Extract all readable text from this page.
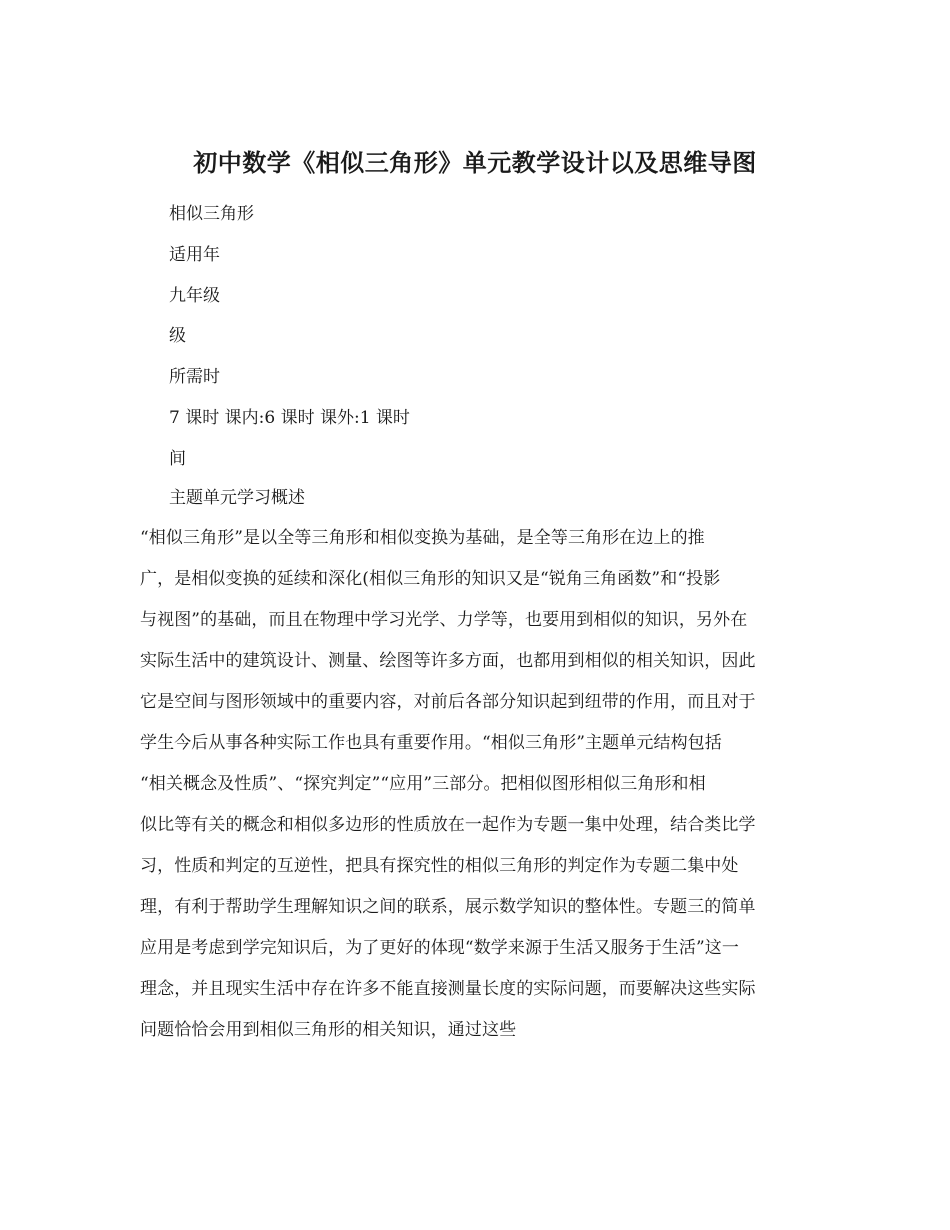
初中数学《相似三角形》单元教学设计以及思维导图
相似三角形
适用年
九年级
级
所需时
7 课时 课内:6 课时 课外:1 课时
间
主题单元学习概述
“相似三角形”是以全等三角形和相似变换为基础，是全等三角形在边上的推
广，是相似变换的延续和深化(相似三角形的知识又是“锐角三角函数”和“投影
与视图”的基础，而且在物理中学习光学、力学等，也要用到相似的知识，另外在
实际生活中的建筑设计、测量、绘图等许多方面，也都用到相似的相关知识，因此
它是空间与图形领域中的重要内容，对前后各部分知识起到纽带的作用，而且对于
学生今后从事各种实际工作也具有重要作用。“相似三角形”主题单元结构包括
“相关概念及性质”、“探究判定”“应用”三部分。把相似图形相似三角形和相
似比等有关的概念和相似多边形的性质放在一起作为专题一集中处理，结合类比学
习，性质和判定的互逆性，把具有探究性的相似三角形的判定作为专题二集中处
理，有利于帮助学生理解知识之间的联系，展示数学知识的整体性。专题三的简单
应用是考虑到学完知识后，为了更好的体现“数学来源于生活又服务于生活”这一
理念，并且现实生活中存在许多不能直接测量长度的实际问题，而要解决这些实际
问题恰恰会用到相似三角形的相关知识，通过这些
